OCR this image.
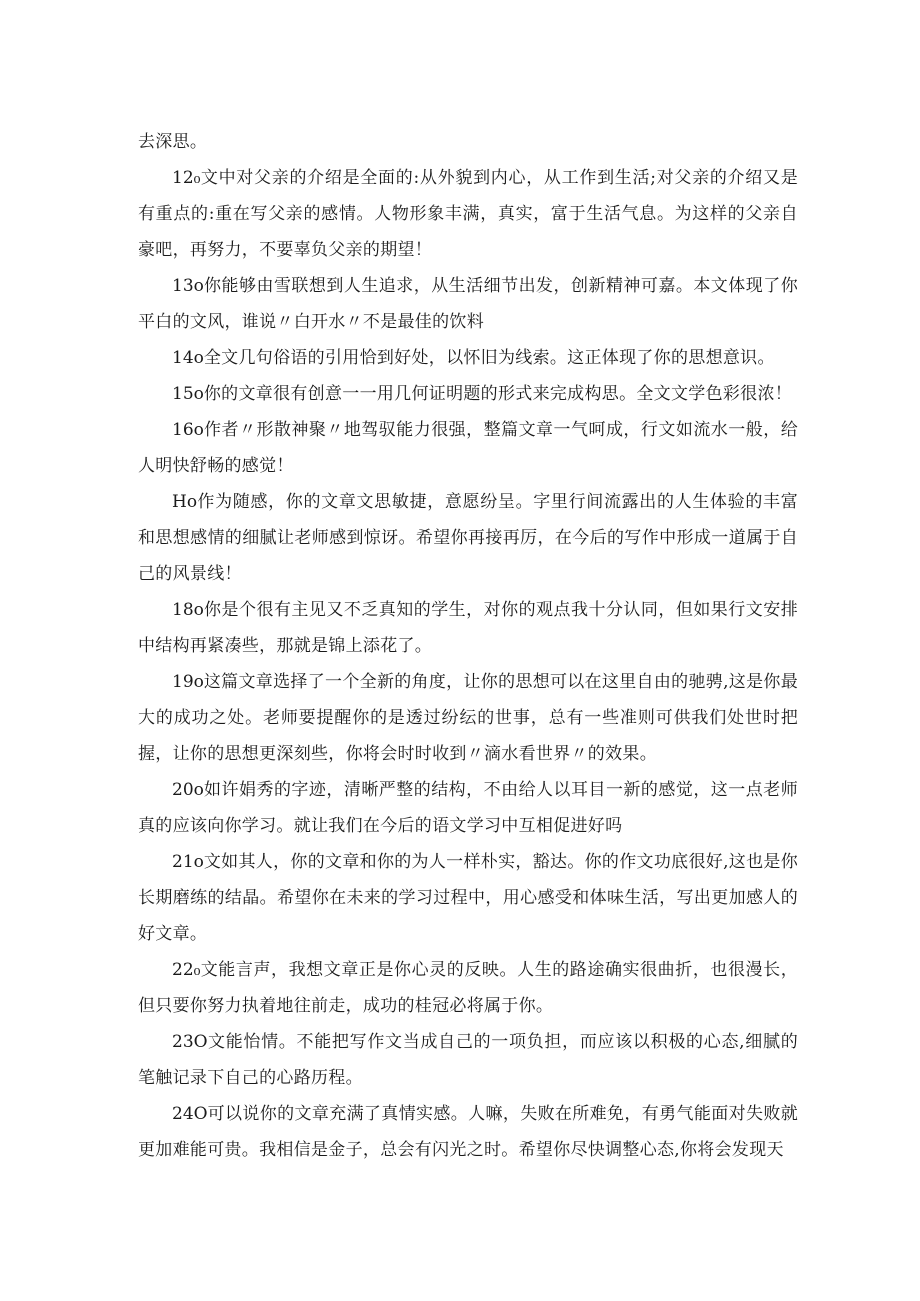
去深思。

12₀文中对父亲的介绍是全面的:从外貌到内心，从工作到生活;对父亲的介绍又是有重点的:重在写父亲的感情。人物形象丰满，真实，富于生活气息。为这样的父亲自豪吧，再努力，不要辜负父亲的期望！

13o你能够由雪联想到人生追求，从生活细节出发，创新精神可嘉。本文体现了你平白的文风，谁说〃白开水〃不是最佳的饮料

14o全文几句俗语的引用恰到好处，以怀旧为线索。这正体现了你的思想意识。

15o你的文章很有创意一一用几何证明题的形式来完成构思。全文文学色彩很浓！

16o作者〃形散神聚〃地驾驭能力很强，整篇文章一气呵成，行文如流水一般，给人明快舒畅的感觉！

Ho作为随感，你的文章文思敏捷，意愿纷呈。字里行间流露出的人生体验的丰富和思想感情的细腻让老师感到惊讶。希望你再接再厉，在今后的写作中形成一道属于自己的风景线！

18o你是个很有主见又不乏真知的学生，对你的观点我十分认同，但如果行文安排中结构再紧凑些，那就是锦上添花了。

19o这篇文章选择了一个全新的角度，让你的思想可以在这里自由的驰骋,这是你最大的成功之处。老师要提醒你的是透过纷纭的世事，总有一些准则可供我们处世时把握，让你的思想更深刻些，你将会时时收到〃滴水看世界〃的效果。

20o如许娟秀的字迹，清晰严整的结构，不由给人以耳目一新的感觉，这一点老师真的应该向你学习。就让我们在今后的语文学习中互相促进好吗

21o文如其人，你的文章和你的为人一样朴实，豁达。你的作文功底很好,这也是你长期磨练的结晶。希望你在未来的学习过程中，用心感受和体味生活，写出更加感人的好文章。

22₀文能言声，我想文章正是你心灵的反映。人生的路途确实很曲折，也很漫长，但只要你努力执着地往前走，成功的桂冠必将属于你。

23O文能怡情。不能把写作文当成自己的一项负担，而应该以积极的心态,细腻的笔触记录下自己的心路历程。

24O可以说你的文章充满了真情实感。人嘛，失败在所难免，有勇气能面对失败就更加难能可贵。我相信是金子，总会有闪光之时。希望你尽快调整心态,你将会发现天
